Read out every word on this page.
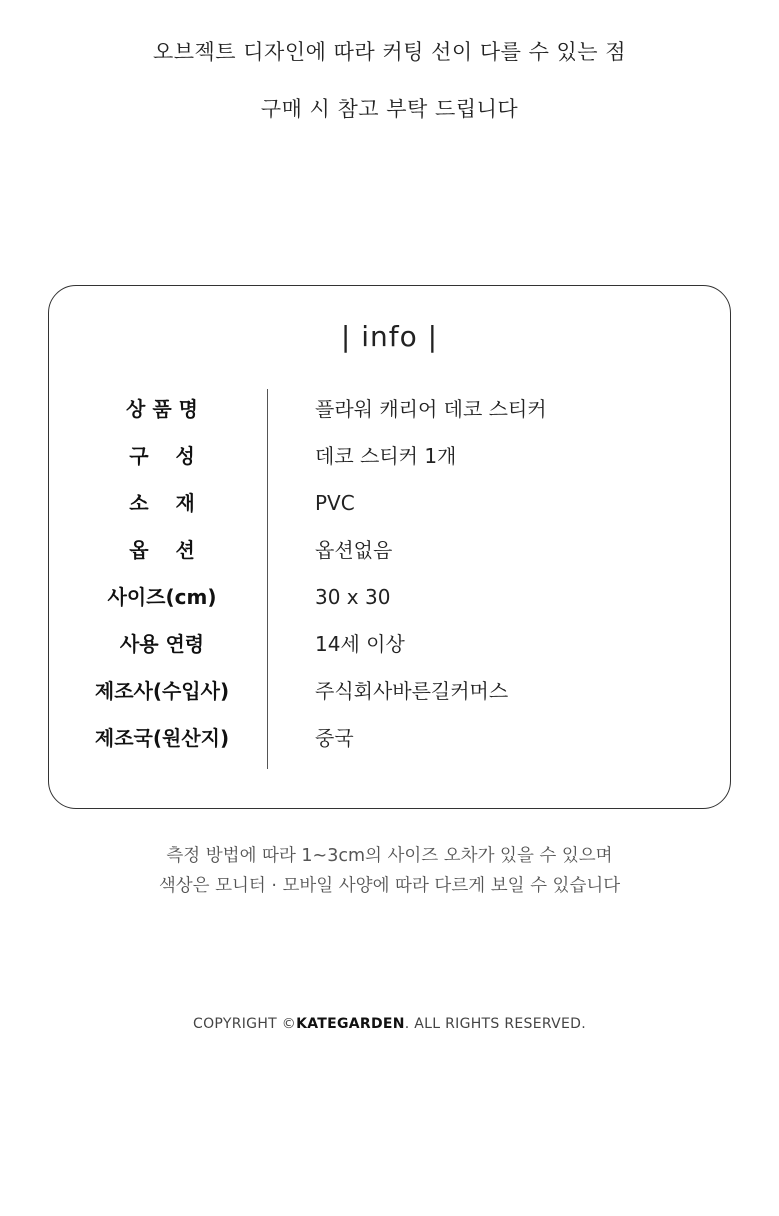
오브젝트 디자인에 따라 커팅 선이 다를 수 있는 점
구매 시 참고 부탁 드립니다
| info |
상 품 명	플라워 캐리어 데코 스티커
구　 성	데코 스티커 1개
소　 재	PVC
옵　 션	옵션없음
사이즈(cm)	30 x 30
사용 연령	14세 이상
제조사(수입사)	주식회사바른길커머스
제조국(원산지)	중국
측정 방법에 따라 1~3cm의 사이즈 오차가 있을 수 있으며
색상은 모니터 · 모바일 사양에 따라 다르게 보일 수 있습니다
COPYRIGHT ©KATEGARDEN. ALL RIGHTS RESERVED.
